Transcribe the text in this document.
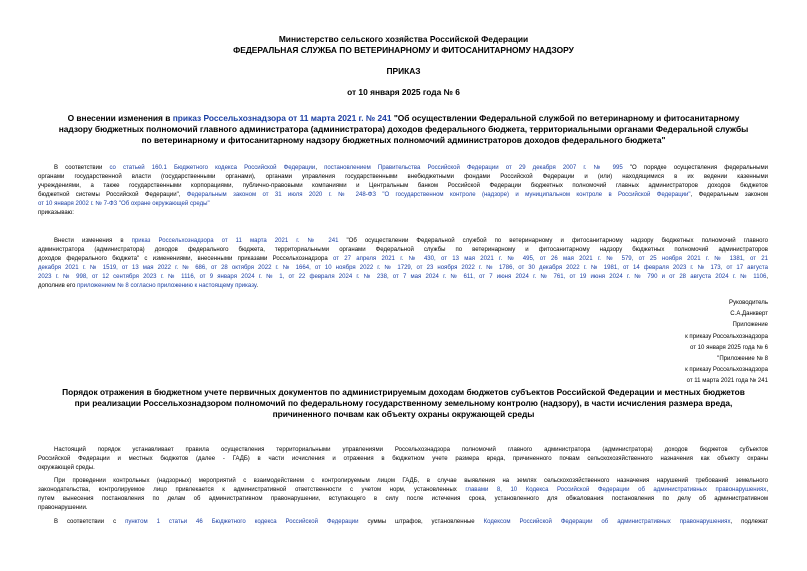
Министерство сельского хозяйства Российской Федерации
ФЕДЕРАЛЬНАЯ СЛУЖБА ПО ВЕТЕРИНАРНОМУ И ФИТОСАНИТАРНОМУ НАДЗОРУ
ПРИКАЗ
от 10 января 2025 года № 6
О внесении изменения в приказ Россельхознадзора от 11 марта 2021 г. № 241 "Об осуществлении Федеральной службой по ветеринарному и фитосанитарному
надзору бюджетных полномочий главного администратора (администратора) доходов федерального бюджета, территориальными органами Федеральной службы
по ветеринарному и фитосанитарному надзору бюджетных полномочий администраторов доходов федерального бюджета"
В соответствии со статьей 160.1 Бюджетного кодекса Российской Федерации, постановлением Правительства Российской Федерации от 29 декабря 2007 г. № 995 "О порядке осуществления федеральными
органами государственной власти (государственными органами), органами управления государственными внебюджетными фондами Российской Федерации и (или) находящимися в их ведении казенными
учреждениями, а также государственными корпорациями, публично-правовыми компаниями и Центральным банком Российской Федерации бюджетных полномочий главных администраторов доходов бюджетов
бюджетной системы Российской Федерации", Федеральным законом от 31 июля 2020 г. № 248-ФЗ "О государственном контроле (надзоре) и муниципальном контроле в Российской Федерации", Федеральным законом
от 10 января 2002 г. № 7-ФЗ "Об охране окружающей среды"
приказываю:
Внести изменения в приказ Россельхознадзора от 11 марта 2021 г. № 241 "Об осуществлении Федеральной службой по ветеринарному и фитосанитарному надзору бюджетных полномочий главного
администратора (администратора) доходов федерального бюджета, территориальными органами Федеральной службы по ветеринарному и фитосанитарному надзору бюджетных полномочий администраторов
доходов федерального бюджета" с изменениями, внесенными приказами Россельхознадзора от 27 апреля 2021 г. № 430, от 13 мая 2021 г. № 495, от 26 мая 2021 г. № 579, от 25 ноября 2021 г. № 1381, от 21
декабря 2021 г. № 1519, от 13 мая 2022 г. № 686, от 28 октября 2022 г. № 1664, от 10 ноября 2022 г. № 1729, от 23 ноября 2022 г. № 1786, от 30 декабря 2022 г. № 1981, от 14 февраля 2023 г. № 173, от 17 августа
2023 г. № 998, от 12 сентября 2023 г. № 1116, от 9 января 2024 г. № 1, от 22 февраля 2024 г. № 238, от 7 мая 2024 г. № 611, от 7 июня 2024 г. № 761, от 19 июня 2024 г. № 790 и от 28 августа 2024 г. № 1106,
дополнив его приложением № 8 согласно приложению к настоящему приказу.
Руководитель
С.А.Данкверт
Приложение
к приказу Россельхознадзора
от 10 января 2025 года № 6
"Приложение № 8
к приказу Россельхознадзора
от 11 марта 2021 года № 241
Порядок отражения в бюджетном учете первичных документов по администрируемым доходам бюджетов субъектов Российской Федерации и местных бюджетов
при реализации Россельхознадзором полномочий по федеральному государственному земельному контролю (надзору), в части исчисления размера вреда,
причиненного почвам как объекту охраны окружающей среды
Настоящий порядок устанавливает правила осуществления территориальными управлениями Россельхознадзора полномочий главного администратора (администратора) доходов бюджетов субъектов
Российской Федерации и местных бюджетов (далее - ГАДБ) в части исчисления и отражения в бюджетном учете размера вреда, причиненного почвам сельскохозяйственного назначения как объекту охраны
окружающей среды.
При проведении контрольных (надзорных) мероприятий с взаимодействием с контролируемым лицом ГАДБ, в случае выявления на землях сельскохозяйственного назначения нарушений требований земельного
законодательства, контролируемое лицо привлекается к административной ответственности с учетом норм, установленных главами 8, 10 Кодекса Российской Федерации об административных правонарушениях,
путем вынесения постановления по делам об административном правонарушении, вступающего в силу после истечения срока, установленного для обжалования постановления по делу об административном
правонарушении.
В соответствии с пунктом 1 статьи 46 Бюджетного кодекса Российской Федерации суммы штрафов, установленные Кодексом Российской Федерации об административных правонарушениях, подлежат
